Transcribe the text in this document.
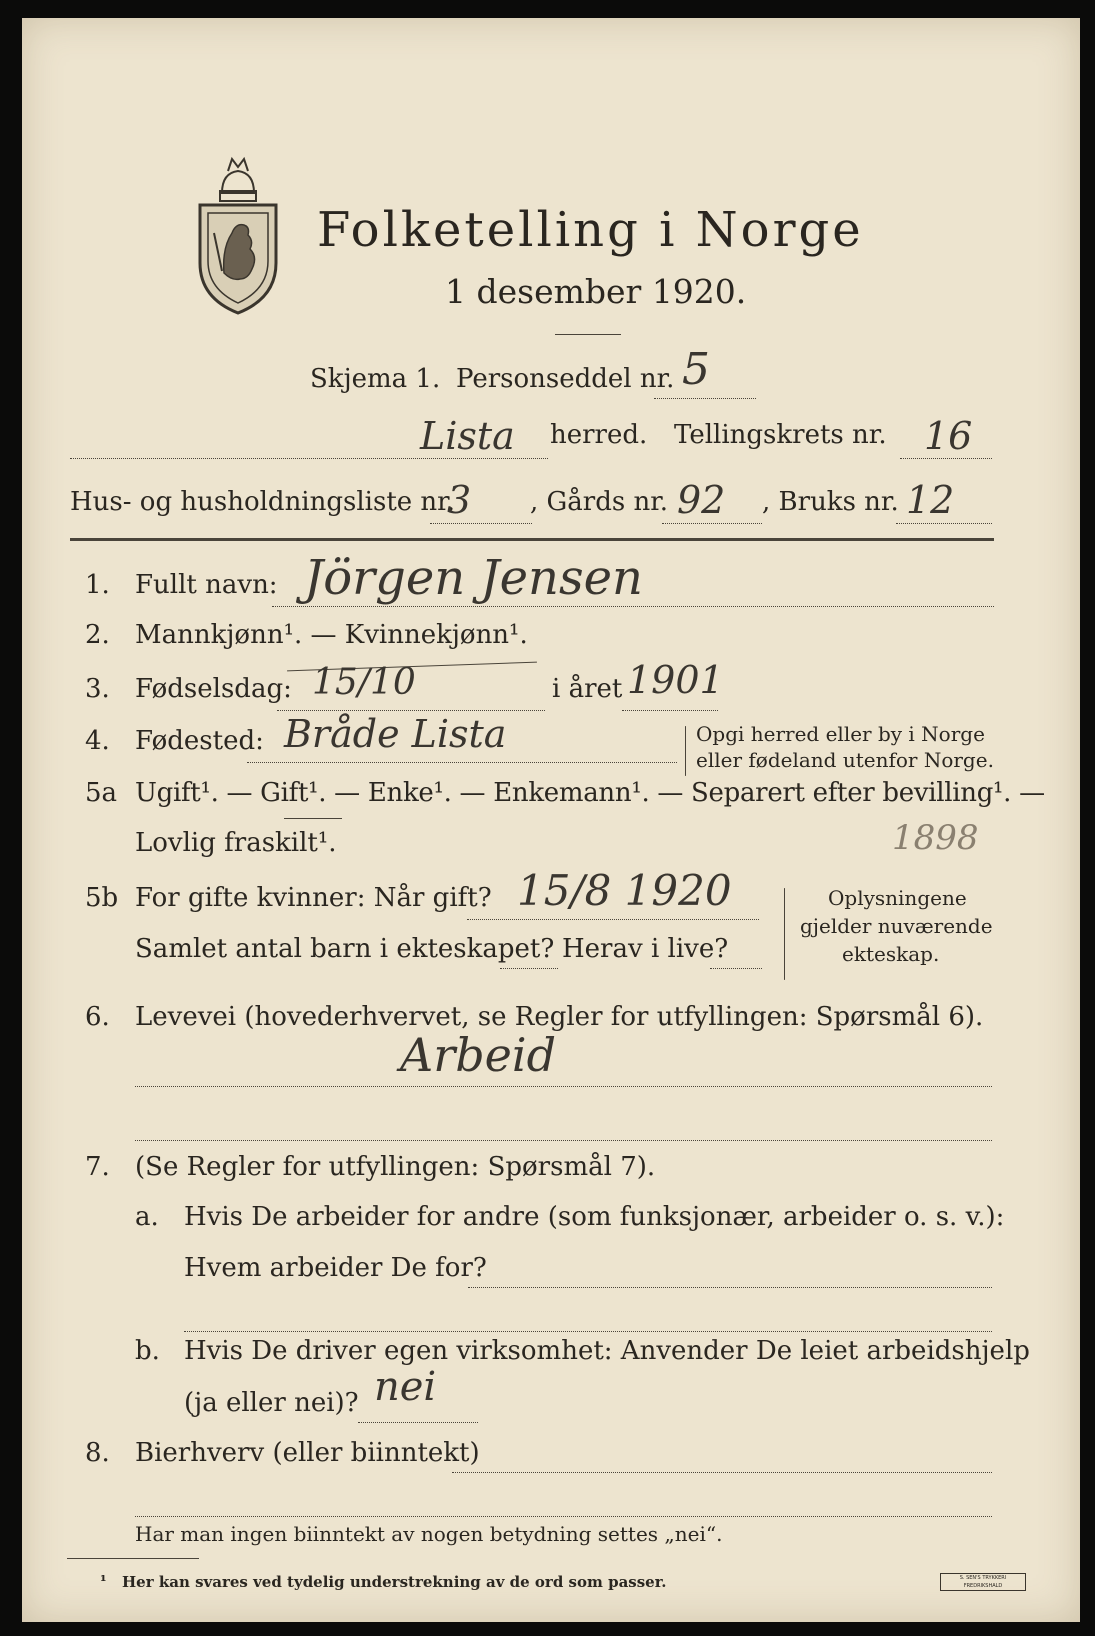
Folketelling i Norge
1 desember 1920.
Skjema 1. Personseddel nr. 5
Lista herred. Tellingskrets nr. 16
Hus- og husholdningsliste nr.
3 , Gårds nr. 92 , Bruks nr. 12
1. Fullt navn: Jörgen Jensen
2. Mannkjønn¹. — Kvinnekjønn¹.
3. Fødselsdag: 15/10	i året 1901
4. Fødested: Bråde Lista	Opgi herred eller by i Norge
eller fødeland utenfor Norge.
5a Ugift¹. — Gift¹. — Enke¹. — Enkemann¹. — Separert efter bevilling¹. —
Lovlig fraskilt¹.	1898
5b For gifte kvinner: Når gift? 15/8 1920
Samlet antal barn i ekteskapet? Herav i live?
Oplysningene
gjelder nuværende
ekteskap.
6. Levevei (hovederhvervet, se Regler for utfyllingen: Spørsmål 6).
Arbeid
7. (Se Regler for utfyllingen: Spørsmål 7).
a. Hvis De arbeider for andre (som funksjonær, arbeider o. s. v.):
Hvem arbeider De for?
b. Hvis De driver egen virksomhet: Anvender De leiet arbeidshjelp
(ja eller nei)? nei
8. Bierhverv (eller biinntekt)
Har man ingen biinntekt av nogen betydning settes „nei“.
¹ Her kan svares ved tydelig understrekning av de ord som passer.	S. SEN'S TRYKKERI FREDRIKSHALD
